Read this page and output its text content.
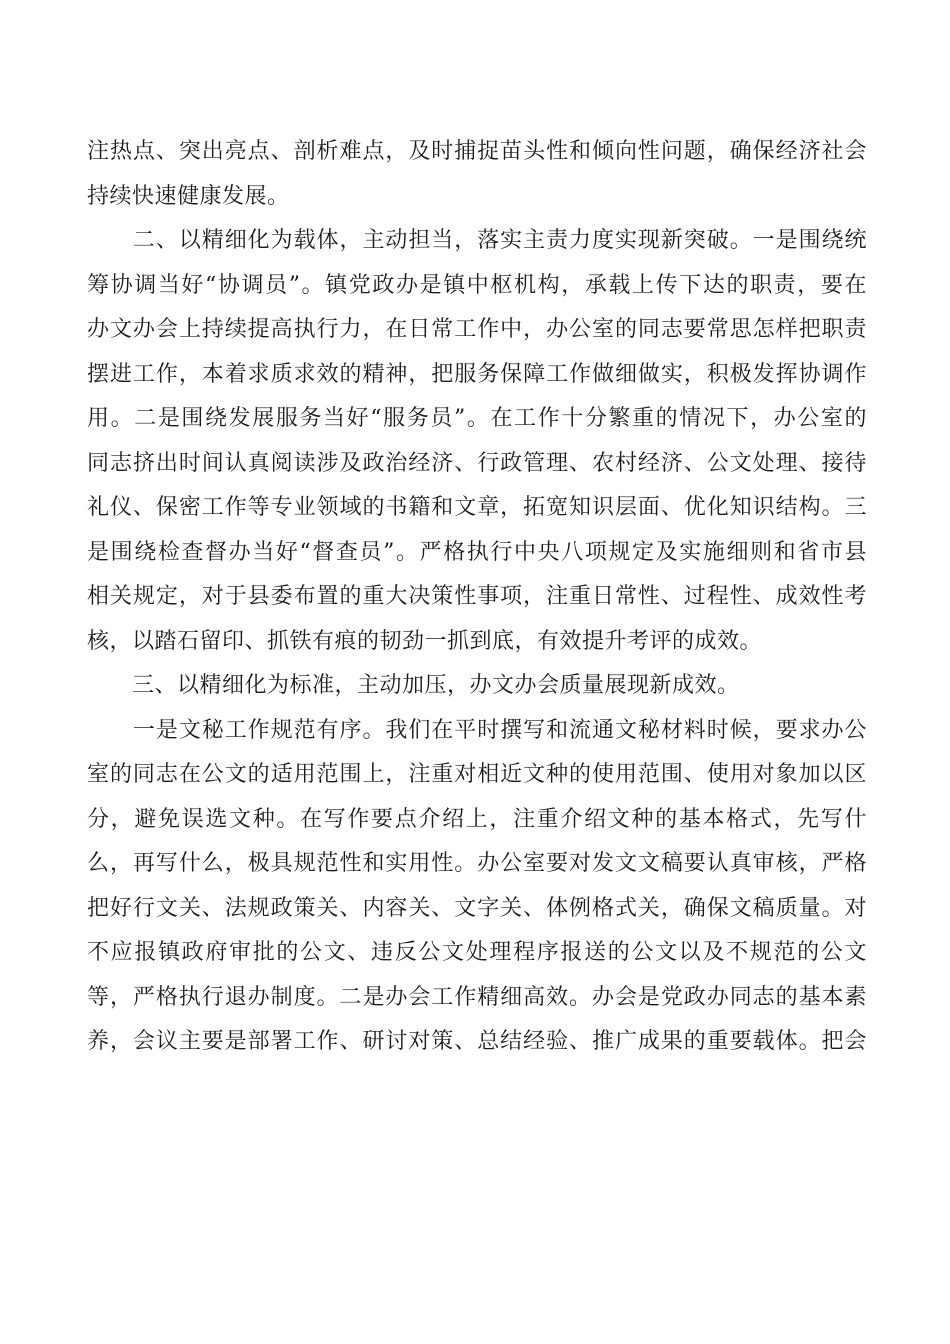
注热点、突出亮点、剖析难点，及时捕捉苗头性和倾向性问题，确保经济社会
持续快速健康发展。
　　二、以精细化为载体，主动担当，落实主责力度实现新突破。一是围绕统
筹协调当好“协调员”。镇党政办是镇中枢机构，承载上传下达的职责，要在
办文办会上持续提高执行力，在日常工作中，办公室的同志要常思怎样把职责
摆进工作，本着求质求效的精神，把服务保障工作做细做实，积极发挥协调作
用。二是围绕发展服务当好“服务员”。在工作十分繁重的情况下，办公室的
同志挤出时间认真阅读涉及政治经济、行政管理、农村经济、公文处理、接待
礼仪、保密工作等专业领域的书籍和文章，拓宽知识层面、优化知识结构。三
是围绕检查督办当好“督查员”。严格执行中央八项规定及实施细则和省市县
相关规定，对于县委布置的重大决策性事项，注重日常性、过程性、成效性考
核，以踏石留印、抓铁有痕的韧劲一抓到底，有效提升考评的成效。
　　三、以精细化为标准，主动加压，办文办会质量展现新成效。
　　一是文秘工作规范有序。我们在平时撰写和流通文秘材料时候，要求办公
室的同志在公文的适用范围上，注重对相近文种的使用范围、使用对象加以区
分，避免误选文种。在写作要点介绍上，注重介绍文种的基本格式，先写什
么，再写什么，极具规范性和实用性。办公室要对发文文稿要认真审核，严格
把好行文关、法规政策关、内容关、文字关、体例格式关，确保文稿质量。对
不应报镇政府审批的公文、违反公文处理程序报送的公文以及不规范的公文
等，严格执行退办制度。二是办会工作精细高效。办会是党政办同志的基本素
养，会议主要是部署工作、研讨对策、总结经验、推广成果的重要载体。把会
